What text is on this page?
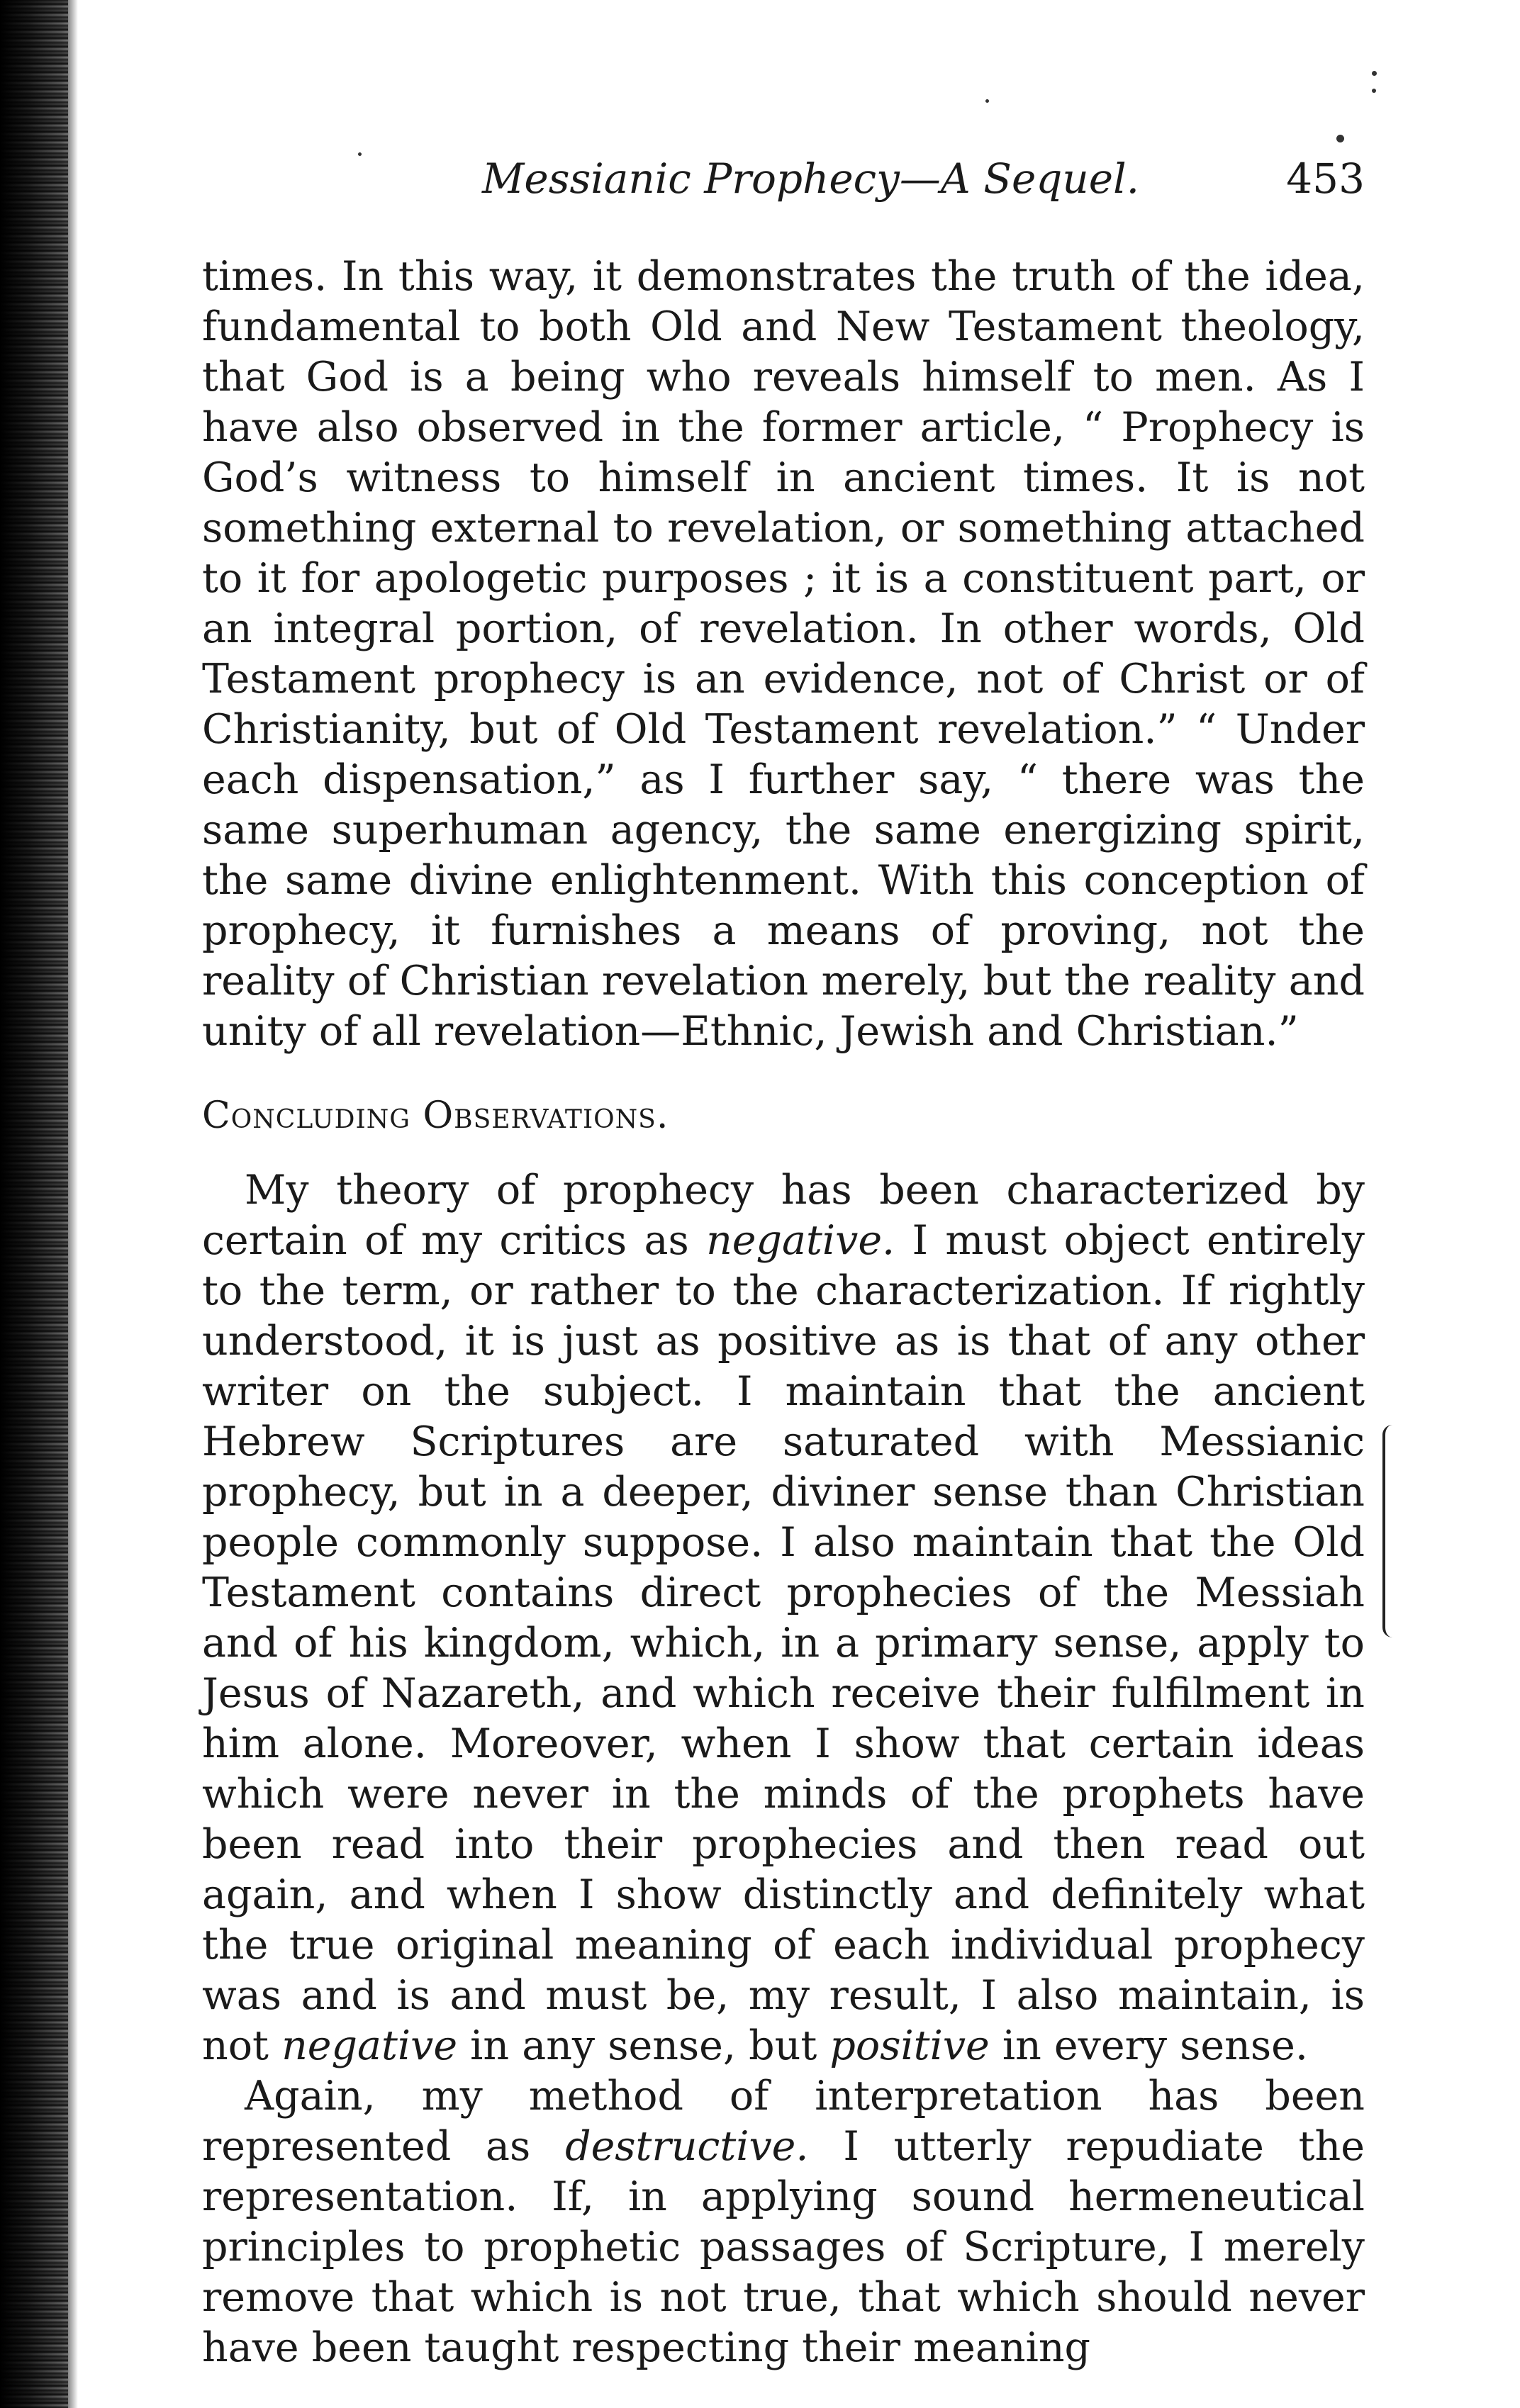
Messianic Prophecy—A Sequel.	453

times. In this way, it demonstrates the truth of the idea, fundamental to both Old and New Testament theology, that God is a being who reveals himself to men. As I have also observed in the former article, “ Prophecy is God’s witness to himself in ancient times. It is not something external to revelation, or something attached to it for apologetic purposes ; it is a constituent part, or an integral portion, of revelation. In other words, Old Testament prophecy is an evidence, not of Christ or of Christianity, but of Old Testament revelation.” “ Under each dispensation,” as I further say, “ there was the same superhuman agency, the same energizing spirit, the same divine enlightenment. With this conception of prophecy, it furnishes a means of proving, not the reality of Christian revelation merely, but the reality and unity of all revelation—Ethnic, Jewish and Christian.”

Concluding Observations.

My theory of prophecy has been characterized by certain of my critics as negative. I must object entirely to the term, or rather to the characterization. If rightly understood, it is just as positive as is that of any other writer on the subject. I maintain that the ancient Hebrew Scriptures are saturated with Messianic prophecy, but in a deeper, diviner sense than Christian people commonly suppose. I also maintain that the Old Testament contains direct prophecies of the Messiah and of his kingdom, which, in a primary sense, apply to Jesus of Nazareth, and which receive their fulfilment in him alone. Moreover, when I show that certain ideas which were never in the minds of the prophets have been read into their prophecies and then read out again, and when I show distinctly and definitely what the true original meaning of each individual prophecy was and is and must be, my result, I also maintain, is not negative in any sense, but positive in every sense.

Again, my method of interpretation has been represented as destructive. I utterly repudiate the representation. If, in applying sound hermeneutical principles to prophetic passages of Scripture, I merely remove that which is not true, that which should never have been taught respecting their meaning
